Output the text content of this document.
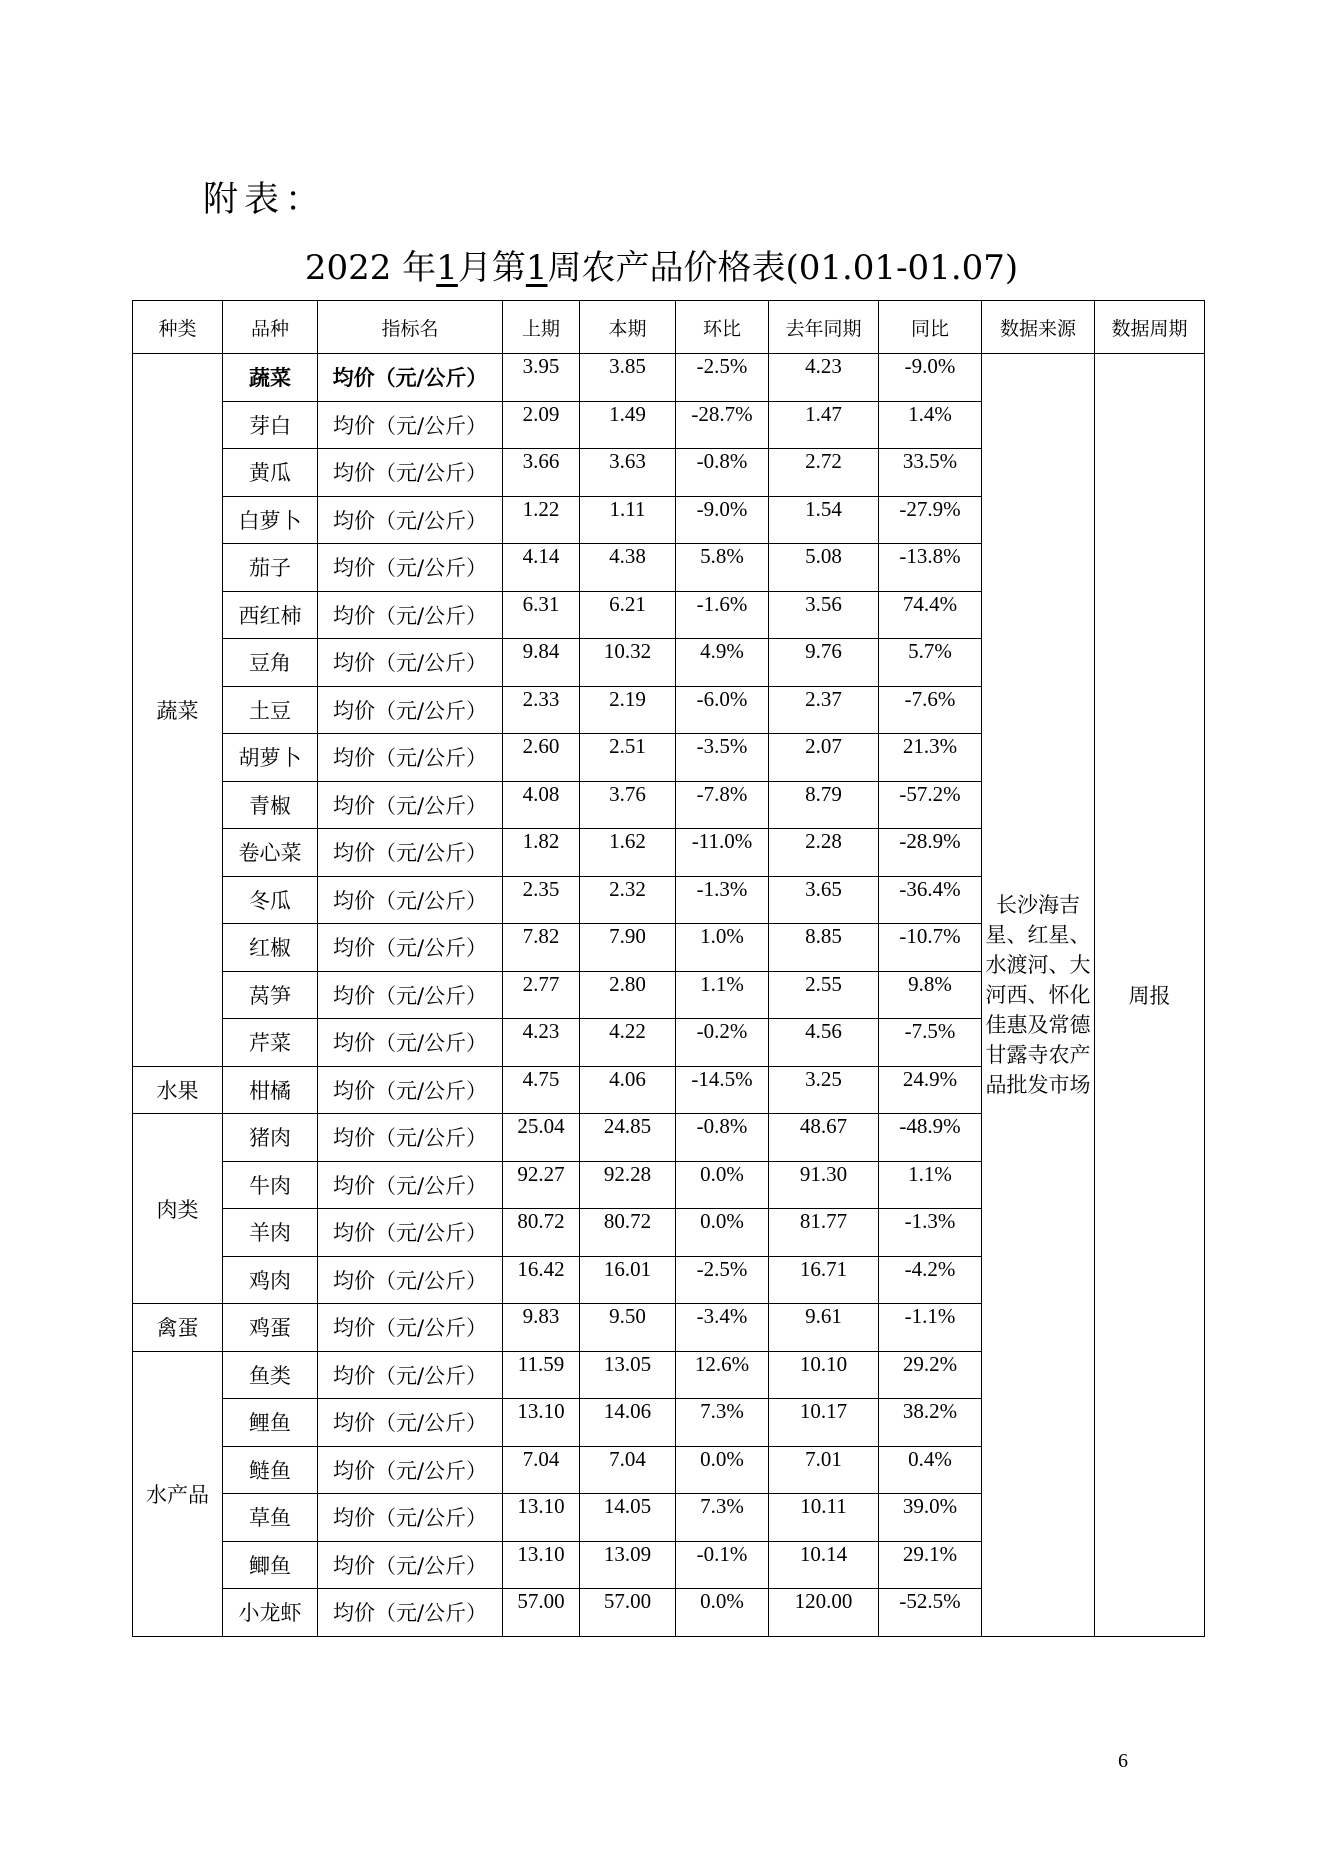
附表：
2022 年1月第1周农产品价格表(01.01-01.07)
种类	品种	指标名	上期	本期	环比	去年同期	同比	数据来源	数据周期
蔬菜	蔬菜	均价（元/公斤）	3.95	3.85	-2.5%	4.23	-9.0%	长沙海吉星、红星、水渡河、大河西、怀化佳惠及常德甘露寺农产品批发市场	周报
	芽白	均价（元/公斤）	2.09	1.49	-28.7%	1.47	1.4%		
	黄瓜	均价（元/公斤）	3.66	3.63	-0.8%	2.72	33.5%		
	白萝卜	均价（元/公斤）	1.22	1.11	-9.0%	1.54	-27.9%		
	茄子	均价（元/公斤）	4.14	4.38	5.8%	5.08	-13.8%		
	西红柿	均价（元/公斤）	6.31	6.21	-1.6%	3.56	74.4%		
	豆角	均价（元/公斤）	9.84	10.32	4.9%	9.76	5.7%		
	土豆	均价（元/公斤）	2.33	2.19	-6.0%	2.37	-7.6%		
	胡萝卜	均价（元/公斤）	2.60	2.51	-3.5%	2.07	21.3%		
	青椒	均价（元/公斤）	4.08	3.76	-7.8%	8.79	-57.2%		
	卷心菜	均价（元/公斤）	1.82	1.62	-11.0%	2.28	-28.9%		
	冬瓜	均价（元/公斤）	2.35	2.32	-1.3%	3.65	-36.4%		
	红椒	均价（元/公斤）	7.82	7.90	1.0%	8.85	-10.7%		
	莴笋	均价（元/公斤）	2.77	2.80	1.1%	2.55	9.8%		
	芹菜	均价（元/公斤）	4.23	4.22	-0.2%	4.56	-7.5%		
水果	柑橘	均价（元/公斤）	4.75	4.06	-14.5%	3.25	24.9%		
肉类	猪肉	均价（元/公斤）	25.04	24.85	-0.8%	48.67	-48.9%		
	牛肉	均价（元/公斤）	92.27	92.28	0.0%	91.30	1.1%		
	羊肉	均价（元/公斤）	80.72	80.72	0.0%	81.77	-1.3%		
	鸡肉	均价（元/公斤）	16.42	16.01	-2.5%	16.71	-4.2%		
禽蛋	鸡蛋	均价（元/公斤）	9.83	9.50	-3.4%	9.61	-1.1%		
水产品	鱼类	均价（元/公斤）	11.59	13.05	12.6%	10.10	29.2%		
	鲤鱼	均价（元/公斤）	13.10	14.06	7.3%	10.17	38.2%		
	鲢鱼	均价（元/公斤）	7.04	7.04	0.0%	7.01	0.4%		
	草鱼	均价（元/公斤）	13.10	14.05	7.3%	10.11	39.0%		
	鲫鱼	均价（元/公斤）	13.10	13.09	-0.1%	10.14	29.1%		
	小龙虾	均价（元/公斤）	57.00	57.00	0.0%	120.00	-52.5%		
6
